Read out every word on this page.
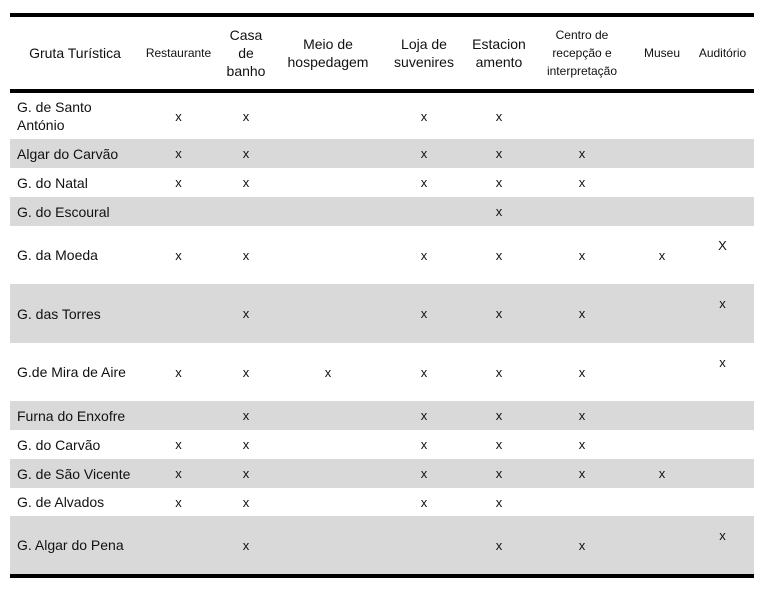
Gruta Turística	Restaurante	Casa
de
banho	Meio de
hospedagem	Loja de
suvenires	Estacion
amento	Centro de
recepção e
interpretação	Museu	Auditório
G. de Santo
António	x	x		x	x			
Algar do Carvão	x	x		x	x	x		
G. do Natal	x	x		x	x	x		
G. do Escoural					x			
G. da Moeda	x	x		x	x	x	x	X
G. das Torres		x		x	x	x		x
G.de Mira de Aire	x	x	x	x	x	x		x
Furna do Enxofre		x		x	x	x		
G. do Carvão	x	x		x	x	x		
G. de São Vicente	x	x		x	x	x	x	
G. de Alvados	x	x		x	x			
G. Algar do Pena		x			x	x		x
